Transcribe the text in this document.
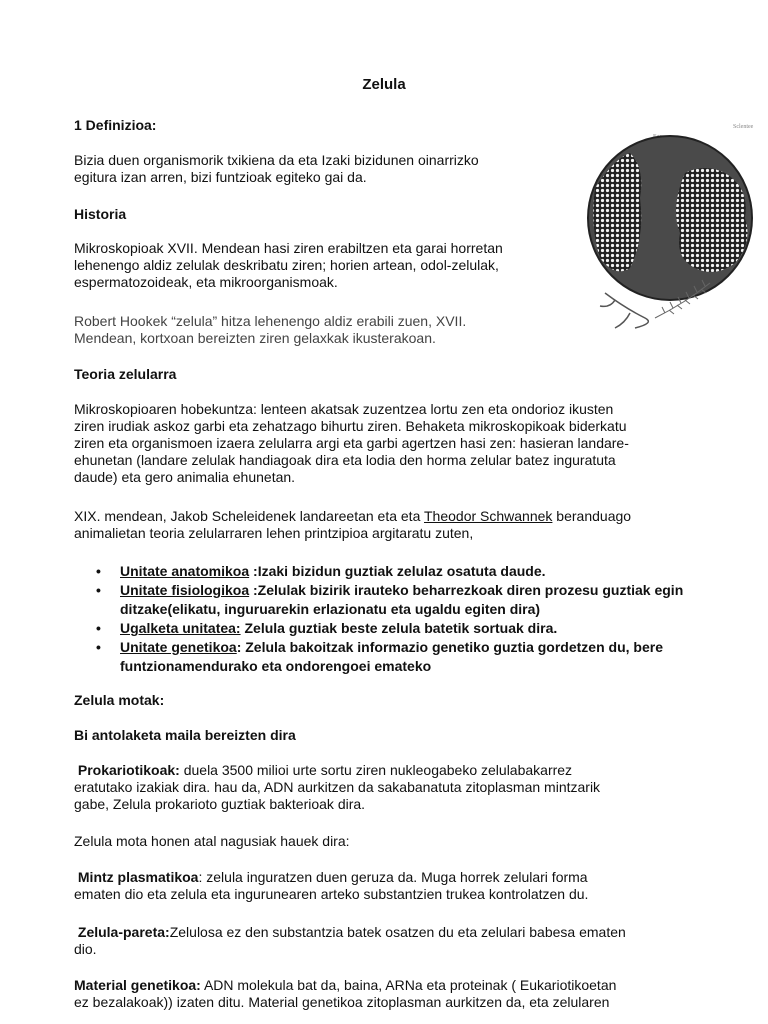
Zelula
1 Definizioa:
Bizia duen organismorik txikiena da eta Izaki bizidunen oinarrizko
egitura izan arren, bizi funtzioak egiteko gai da.
Historia
Mikroskopioak XVII. Mendean hasi ziren erabiltzen eta garai horretan
lehenengo aldiz zelulak deskribatu ziren; horien artean, odol-zelulak,
espermatozoideak, eta mikroorganismoak.
Robert Hookek “zelula” hitza lehenengo aldiz erabili zuen, XVII.
Mendean, kortxoan bereizten ziren gelaxkak ikusterakoan.
Sclentee
Teoria zelularra
Mikroskopioaren hobekuntza: lenteen akatsak zuzentzea lortu zen eta ondorioz ikusten
ziren irudiak askoz garbi eta zehatzago bihurtu ziren. Behaketa mikroskopikoak biderkatu
ziren eta organismoen izaera zelularra argi eta garbi agertzen hasi zen: hasieran landare-
ehunetan (landare zelulak handiagoak dira eta lodia den horma zelular batez inguratuta
daude) eta gero animalia ehunetan.
XIX. mendean, Jakob Scheleidenek landareetan eta eta Theodor Schwannek beranduago
animalietan teoria zelularraren lehen printzipioa argitaratu zuten,
• Unitate anatomikoa :Izaki bizidun guztiak zelulaz osatuta daude.
• Unitate fisiologikoa :Zelulak bizirik irauteko beharrezkoak diren prozesu guztiak egin ditzake(elikatu, inguruarekin erlazionatu eta ugaldu egiten dira)
• Ugalketa unitatea: Zelula guztiak beste zelula batetik sortuak dira.
• Unitate genetikoa: Zelula bakoitzak informazio genetiko guztia gordetzen du, bere funtzionamendurako eta ondorengoei emateko
Zelula motak:
Bi antolaketa maila bereizten dira
Prokariotikoak: duela 3500 milioi urte sortu ziren nukleogabeko zelulabakarrez
eratutako izakiak dira. hau da, ADN aurkitzen da sakabanatuta zitoplasman mintzarik
gabe, Zelula prokarioto guztiak bakterioak dira.
Zelula mota honen atal nagusiak hauek dira:
Mintz plasmatikoa: zelula inguratzen duen geruza da. Muga horrek zelulari forma
ematen dio eta zelula eta ingurunearen arteko substantzien trukea kontrolatzen du.
Zelula-pareta:Zelulosa ez den substantzia batek osatzen du eta zelulari babesa ematen
dio.
Material genetikoa: ADN molekula bat da, baina, ARNa eta proteinak ( Eukariotikoetan
ez bezalakoak)) izaten ditu. Material genetikoa zitoplasman aurkitzen da, eta zelularen
